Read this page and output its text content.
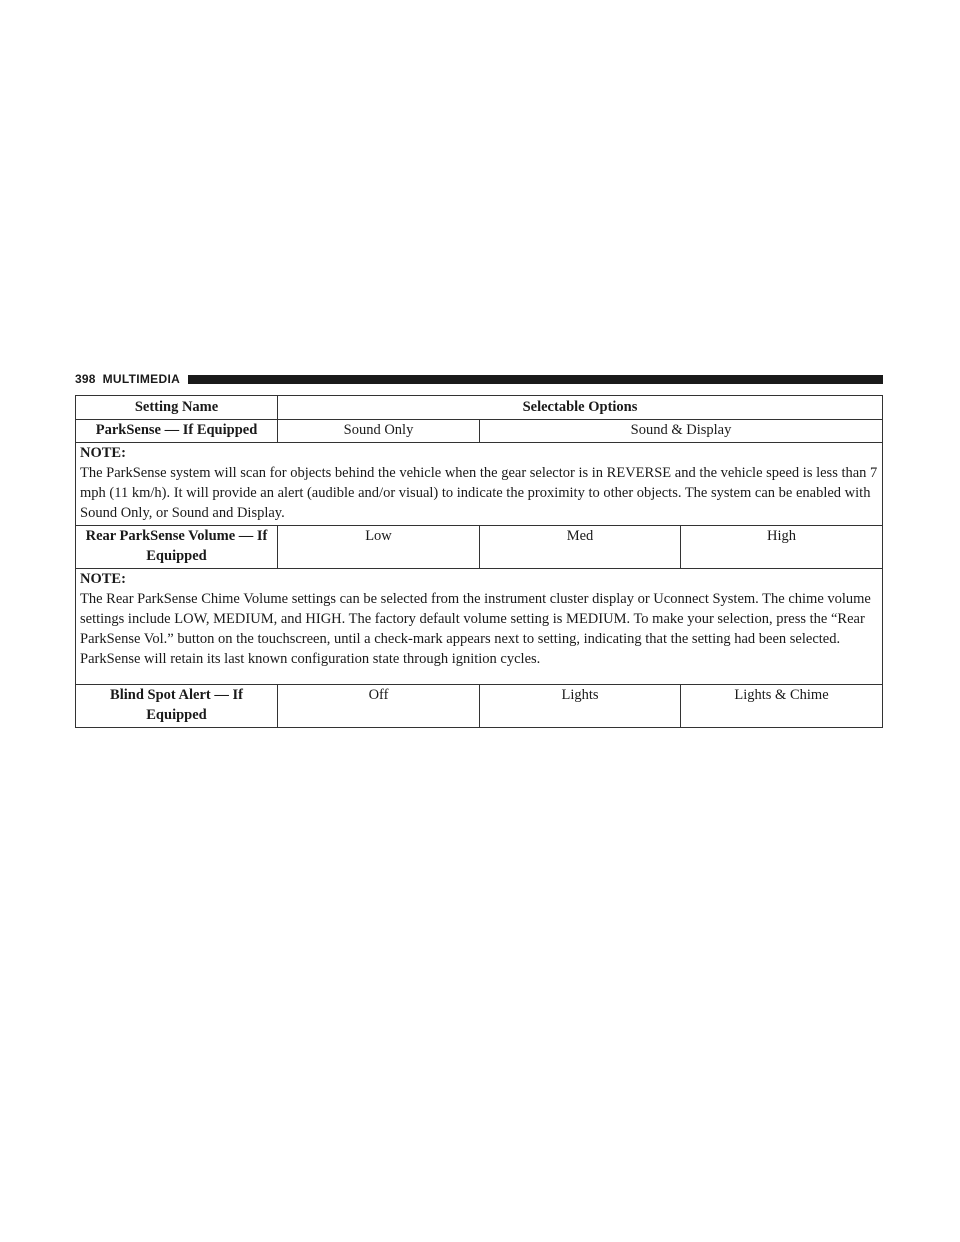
398 MULTIMEDIA
Setting Name	Selectable Options		
ParkSense — If Equipped	Sound Only	Sound & Display	

NOTE:
The ParkSense system will scan for objects behind the vehicle when the gear selector is in REVERSE and the vehicle speed is less than 7 mph (11 km/h). It will provide an alert (audible and/or visual) to indicate the proximity to other objects. The system can be enabled with Sound Only, or Sound and Display.			

Rear ParkSense Volume — If Equipped	Low	Med	High

NOTE:
The Rear ParkSense Chime Volume settings can be selected from the instrument cluster display or Uconnect System. The chime volume settings include LOW, MEDIUM, and HIGH. The factory default volume setting is MEDIUM. To make your selection, press the “Rear ParkSense Vol.” button on the touchscreen, until a check-mark appears next to setting, indicating that the setting had been selected. ParkSense will retain its last known configuration state through ignition cycles.			

Blind Spot Alert — If Equipped	Off	Lights	Lights & Chime
